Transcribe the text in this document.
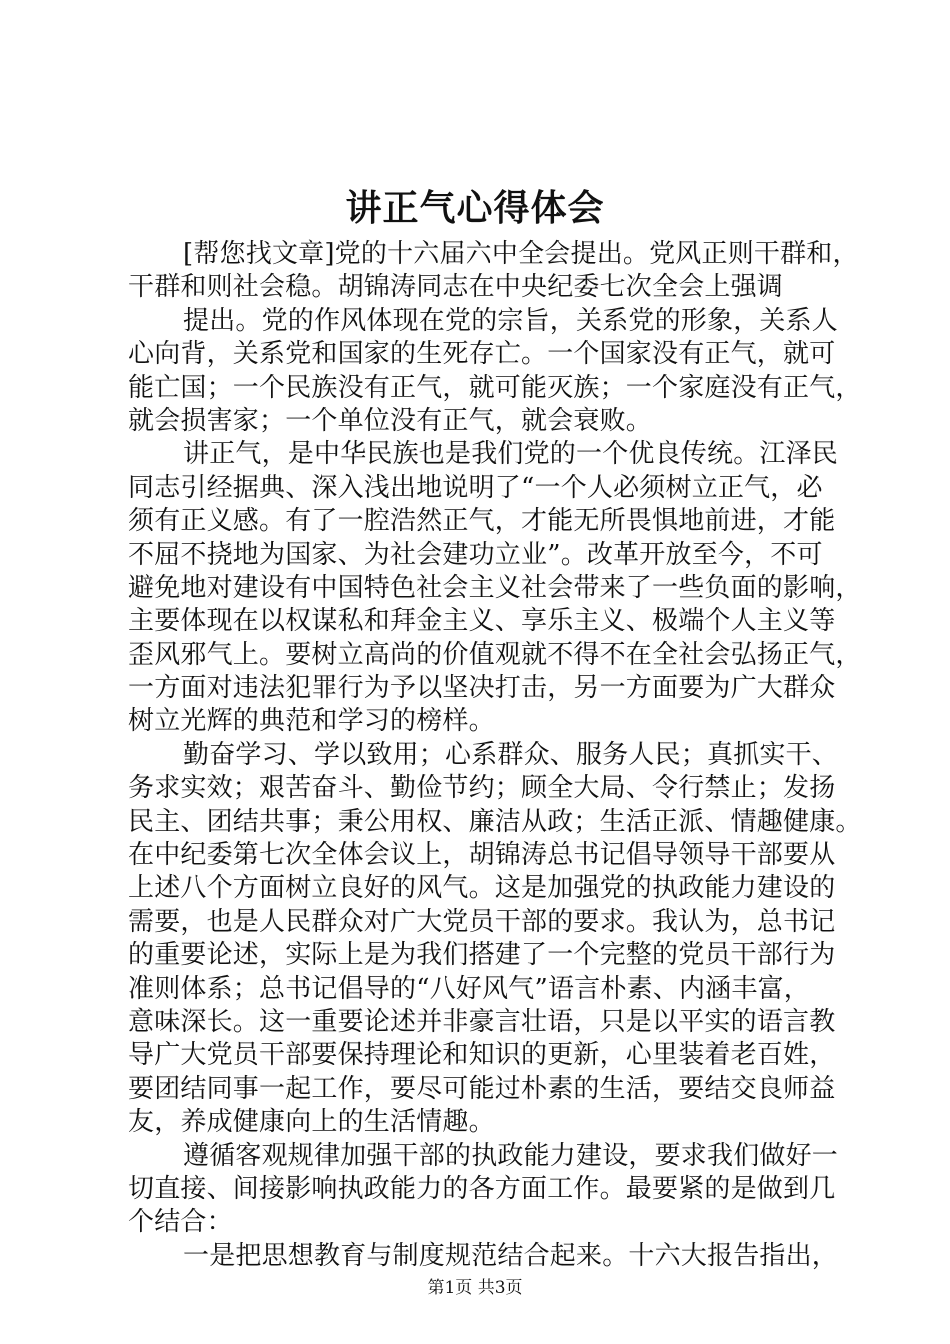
讲正气心得体会
[帮您找文章]党的十六届六中全会提出。党风正则干群和，
干群和则社会稳。胡锦涛同志在中央纪委七次全会上强调
提出。党的作风体现在党的宗旨，关系党的形象，关系人
心向背，关系党和国家的生死存亡。一个国家没有正气，就可
能亡国；一个民族没有正气，就可能灭族；一个家庭没有正气，
就会损害家；一个单位没有正气，就会衰败。
讲正气，是中华民族也是我们党的一个优良传统。江泽民
同志引经据典、深入浅出地说明了“一个人必须树立正气，必
须有正义感。有了一腔浩然正气，才能无所畏惧地前进，才能
不屈不挠地为国家、为社会建功立业”。改革开放至今，不可
避免地对建设有中国特色社会主义社会带来了一些负面的影响，
主要体现在以权谋私和拜金主义、享乐主义、极端个人主义等
歪风邪气上。要树立高尚的价值观就不得不在全社会弘扬正气，
一方面对违法犯罪行为予以坚决打击，另一方面要为广大群众
树立光辉的典范和学习的榜样。
勤奋学习、学以致用；心系群众、服务人民；真抓实干、
务求实效；艰苦奋斗、勤俭节约；顾全大局、令行禁止；发扬
民主、团结共事；秉公用权、廉洁从政；生活正派、情趣健康。
在中纪委第七次全体会议上，胡锦涛总书记倡导领导干部要从
上述八个方面树立良好的风气。这是加强党的执政能力建设的
需要，也是人民群众对广大党员干部的要求。我认为，总书记
的重要论述，实际上是为我们搭建了一个完整的党员干部行为
准则体系；总书记倡导的“八好风气”语言朴素、内涵丰富，
意味深长。这一重要论述并非豪言壮语，只是以平实的语言教
导广大党员干部要保持理论和知识的更新，心里装着老百姓，
要团结同事一起工作，要尽可能过朴素的生活，要结交良师益
友，养成健康向上的生活情趣。
遵循客观规律加强干部的执政能力建设，要求我们做好一
切直接、间接影响执政能力的各方面工作。最要紧的是做到几
个结合：
一是把思想教育与制度规范结合起来。十六大报告指出，
第1页 共3页
